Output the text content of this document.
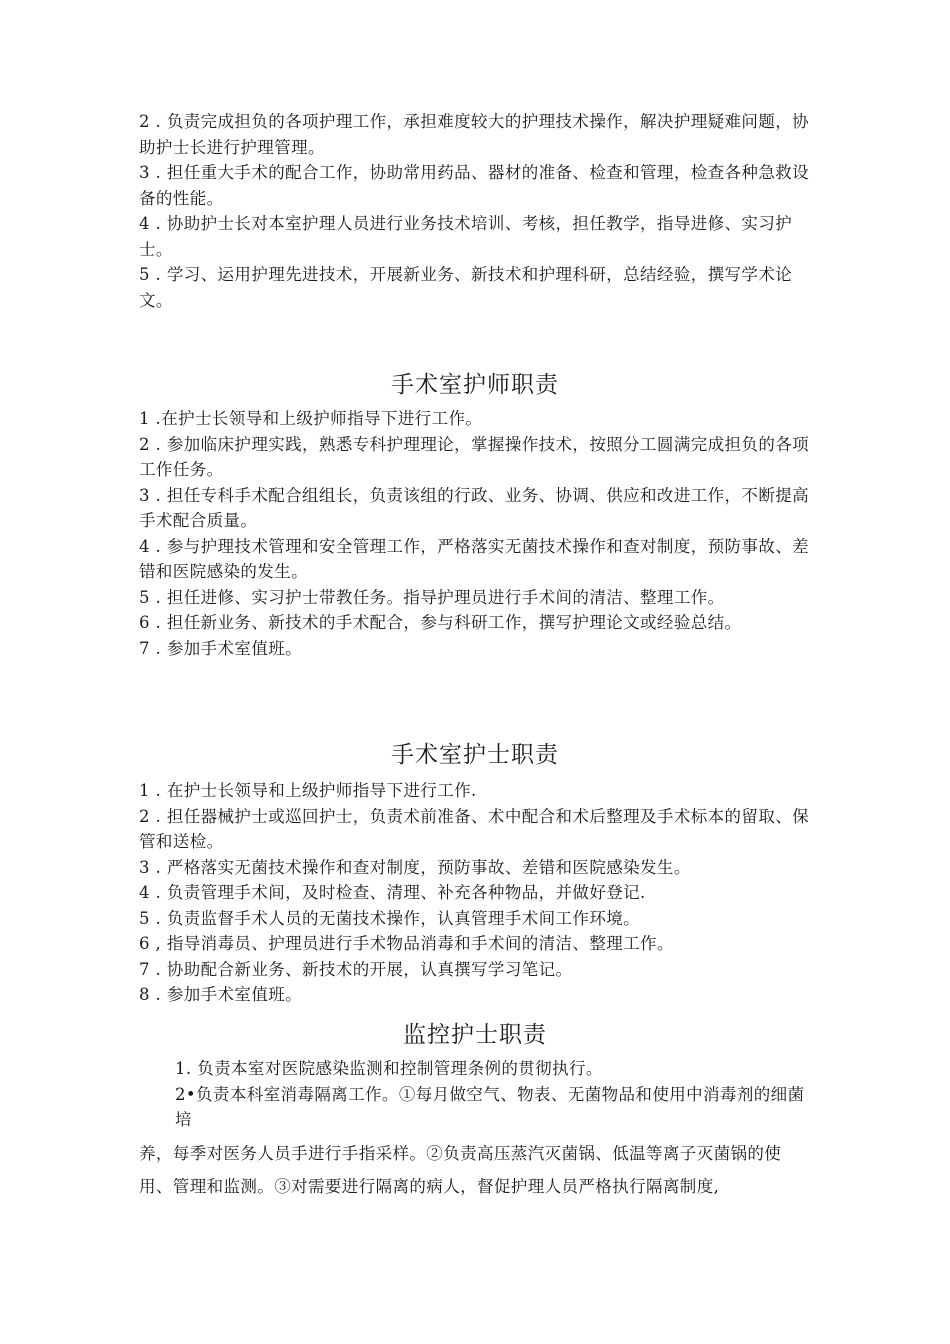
2 . 负责完成担负的各项护理工作，承担难度较大的护理技术操作，解决护理疑难问题，协助护士长进行护理管理。

3 . 担任重大手术的配合工作，协助常用药品、器材的准备、检查和管理，检查各种急救设备的性能。

4 . 协助护士长对本室护理人员进行业务技术培训、考核，担任教学，指导进修、实习护士。

5 . 学习、运用护理先进技术，开展新业务、新技术和护理科研，总结经验，撰写学术论文。

手术室护师职责

1 .在护士长领导和上级护师指导下进行工作。

2 . 参加临床护理实践，熟悉专科护理理论，掌握操作技术，按照分工圆满完成担负的各项工作任务。

3 . 担任专科手术配合组组长，负责该组的行政、业务、协调、供应和改进工作，不断提高手术配合质量。

4 . 参与护理技术管理和安全管理工作，严格落实无菌技术操作和查对制度，预防事故、差错和医院感染的发生。

5 . 担任进修、实习护士带教任务。指导护理员进行手术间的清洁、整理工作。

6 . 担任新业务、新技术的手术配合，参与科研工作，撰写护理论文或经验总结。

7 . 参加手术室值班。

手术室护士职责

1 . 在护士长领导和上级护师指导下进行工作.

2 . 担任器械护士或巡回护士，负责术前准备、术中配合和术后整理及手术标本的留取、保管和送检。

3 . 严格落实无菌技术操作和查对制度，预防事故、差错和医院感染发生。

4 . 负责管理手术间，及时检查、清理、补充各种物品，并做好登记.

5 . 负责监督手术人员的无菌技术操作，认真管理手术间工作环境。

6 , 指导消毒员、护理员进行手术物品消毒和手术间的清洁、整理工作。

7 . 协助配合新业务、新技术的开展，认真撰写学习笔记。

8 . 参加手术室值班。

监控护士职责

1. 负责本室对医院感染监测和控制管理条例的贯彻执行。

2•负责本科室消毒隔离工作。①每月做空气、物表、无菌物品和使用中消毒剂的细菌培

养，每季对医务人员手进行手指采样。②负责高压蒸汽灭菌锅、低温等离子灭菌锅的使

用、管理和监测。③对需要进行隔离的病人，督促护理人员严格执行隔离制度,
